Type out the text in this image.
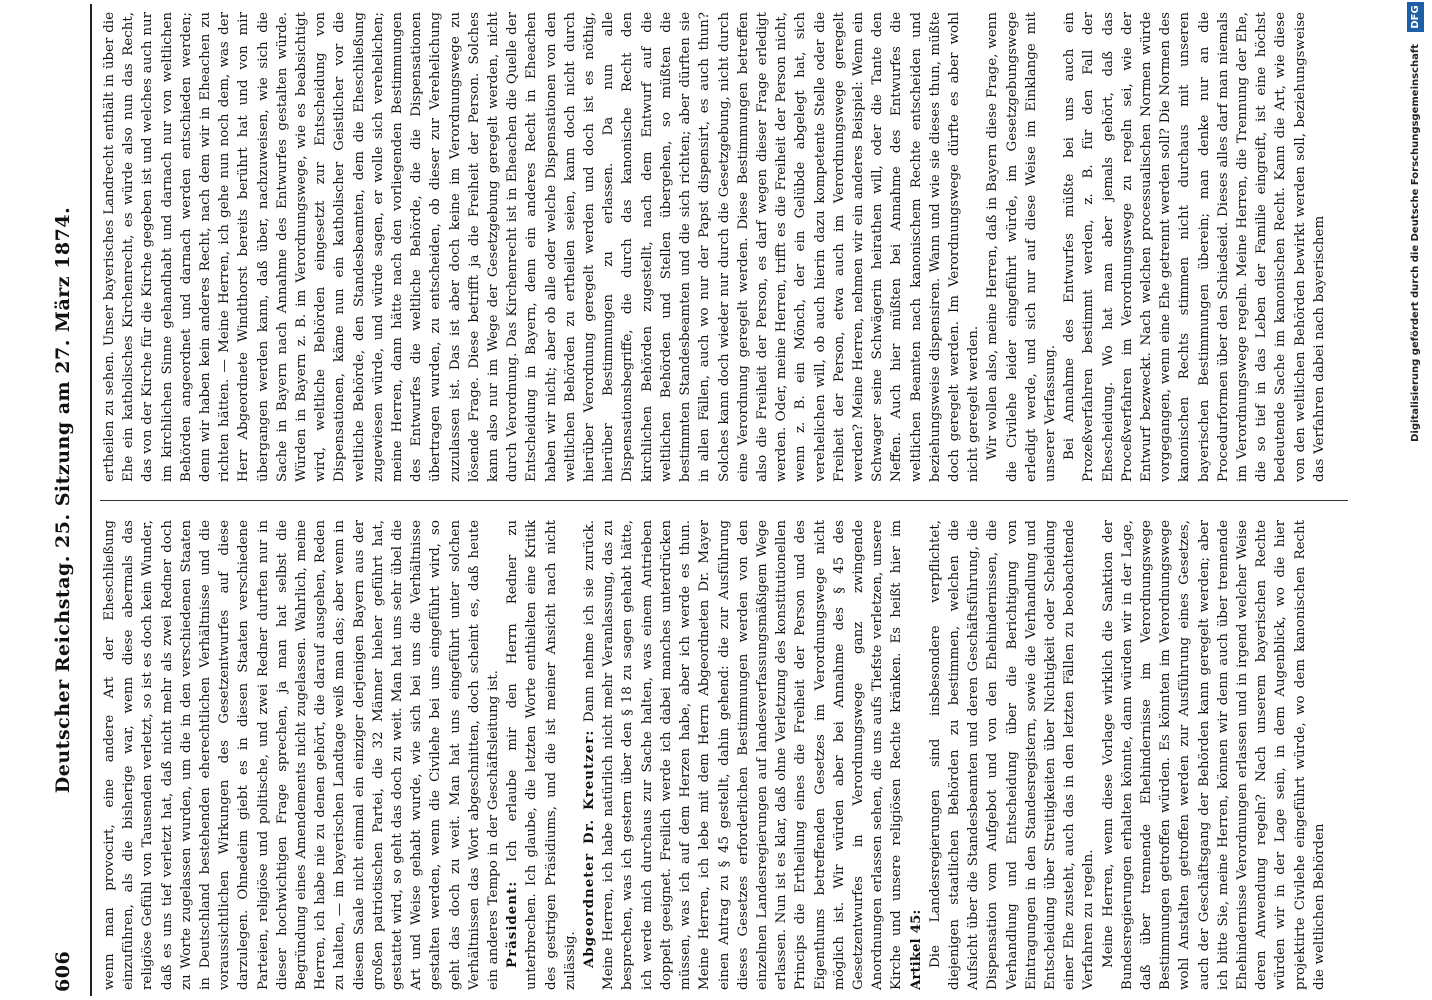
606
Deutscher Reichstag. 25. Sitzung am 27. März 1874. wenn man provocirt, eine andere Art der Eheschließung einzuführen, als die bisherige war, wenn diese abermals das religiöse Gefühl von Tausenden verletzt, so ist es doch kein Wunder, daß es uns tief verletzt hat, daß nicht mehr als zwei Redner doch zu Worte zugelassen wurden, um die in den verschiedenen Staaten in Deutschland bestehenden eherechtlichen Verhältnisse und die voraussichtlichen Wirkungen des Gesetzentwurfes auf diese darzulegen. Ohnedeim giebt es in diesen Staaten verschiedene Parteien, religiöse und politische, und zwei Redner durften nur in dieser hochwichtigen Frage sprechen, ja man hat selbst die Begründung eines Amendements nicht zugelassen. Wahrlich, meine Herren, ich habe nie zu denen gehört, die darauf ausgehen, Reden zu halten, — im bayerischen Landtage weiß man das; aber wenn in diesem Saale nicht einmal ein einziger derjenigen Bayern aus der großen patriotischen Partei, die 32 Männer hieher geführt hat, gestattet wird, so geht das doch zu weit. Man hat uns sehr übel die Art und Weise gehabt wurde, wie sich bei uns die Verhältnisse gestalten werden, wenn die Civilehe bei uns eingeführt wird, so geht das doch zu weit. Man hat uns eingeführt unter solchen Verhältnissen das Wort abgeschnitten, doch scheint es, daß heute ein anderes Tempo in der Geschäftsleitung ist. Präsident: Ich erlaube mir den Herrn Redner zu unterbrechen. Ich glaube, die letzten Worte enthielten eine Kritik des gestrigen Präsidiums, und die ist meiner Ansicht nach nicht zulässig. Abgeordneter Dr. Kreutzer: Dann nehme ich sie zurück. Meine Herren, ich habe natürlich nicht mehr Veranlassung, das zu besprechen, was ich gestern über den § 18 zu sagen gehabt hätte, ich werde mich durchaus zur Sache halten, was einem Antrieben doppelt geeignet. Freilich werde ich dabei manches unterdrücken müssen, was ich auf dem Herzen habe, aber ich werde es thun. Meine Herren, ich lebe mit dem Herrn Abgeordneten Dr. Mayer einen Antrag zu § 45 gestellt, dahin gehend: die zur Ausführung dieses Gesetzes erforderlichen Bestimmungen werden von den einzelnen Landesregierungen auf landesverfassungsmäßigem Wege erlassen. Nun ist es klar, daß ohne Verletzung des konstitutionellen Princips die Ertheilung eines die Freiheit der Person und des Eigenthums betreffenden Gesetzes im Verordnungswege nicht möglich ist. Wir würden aber bei Annahme des § 45 des Gesetzentwurfes in Verordnungswege ganz zwingende Anordnungen erlassen sehen, die uns aufs Tiefste verletzen, unsere Kirche und unsere religiösen Rechte kränken. Es heißt hier im Artikel 45: Die Landesregierungen sind insbesondere verpflichtet, diejenigen staatlichen Behörden zu bestimmen, welchen die Aufsicht über die Standesbeamten und deren Geschäftsführung, die Dispensation vom Aufgebot und von den Ehehindernissen, die Verhandlung und Entscheidung über die Berichtigung von Eintragungen in den Standesregistern, sowie die Verhandlung und Entscheidung über Streitigkeiten über Nichtigkeit oder Scheidung einer Ehe zusteht, auch das in den letzten Fällen zu beobachtende Verfahren zu regeln. Meine Herren, wenn diese Vorlage wirklich die Sanktion der Bundesregierungen erhalten könnte, dann würden wir in der Lage, daß über trennende Ehehindernisse im Verordnungswege Bestimmungen getroffen würden. Es könnten im Verordnungswege wohl Anstalten getroffen werden zur Ausführung eines Gesetzes, auch der Geschäftsgang der Behörden kann geregelt werden; aber ich bitte Sie, meine Herren, können wir denn auch über trennende Ehehindernisse Verordnungen erlassen und in irgend welcher Weise deren Anwendung regeln? Nach unserem bayerischen Rechte würden wir in der Lage sein, in dem Augenblick, wo die hier projektirte Civilehe eingeführt würde, wo dem kanonischen Recht die weltlichen Behörden

ertheilen zu sehen. Unser bayerisches Landrecht enthält in über die Ehe ein katholisches Kirchenrecht, es würde also nun das Recht, das von der Kirche für die Kirche gegeben ist und welches auch nur im kirchlichen Sinne gehandhabt und darnach nur von weltlichen Behörden angeordnet und darnach werden entschieden werden; denn wir haben kein anderes Recht, nach dem wir in Eheachen zu richten hätten. — Meine Herren, ich gehe nun noch dem, was der Herr Abgeordnete Windthorst bereits berührt hat und von mir übergangen werden kann, daß über, nachzuweisen, wie sich die Sache in Bayern nach Annahme des Entwurfes gestalten würde. Würden in Bayern z. B. im Verordnungswege, wie es beabsichtigt wird, weltliche Behörden eingesetzt zur Entscheidung von Dispensationen, käme nun ein katholischer Geistlicher vor die weltliche Behörde, den Standesbeamten, dem die Eheschließung zugewiesen würde, und würde sagen, er wolle sich verehelichen; meine Herren, dann hätte nach den vorliegenden Bestimmungen des Entwurfes die weltliche Behörde, die die Dispensationen übertragen wurden, zu entscheiden, ob dieser zur Verehelichung zuzulassen ist. Das ist aber doch keine im Verordnungswege zu lösende Frage. Diese betrifft ja die Freiheit der Person. Solches kann also nur im Wege der Gesetzgebung geregelt werden, nicht durch Verordnung. Das Kirchenrecht ist in Eheachen die Quelle der Entscheidung in Bayern, denn ein anderes Recht in Eheachen haben wir nicht; aber ob alle oder welche Dispensationen von den weltlichen Behörden zu ertheilen seien, kann doch nicht durch hierüber Verordnung geregelt werden und doch ist es nöthig, hierüber Bestimmungen zu erlassen. Da nun alle Dispensationsbegriffe, die durch das kanonische Recht den kirchlichen Behörden zugestellt, nach dem Entwurf auf die weltlichen Behörden und Stellen übergehen, so müßten die bestimmten Standesbeamten und die sich richten; aber dürften sie in allen Fällen, auch wo nur der Papst dispensirt, es auch thun? Solches kann doch wieder nur durch die Gesetzgebung, nicht durch eine Verordnung geregelt werden. Diese Bestimmungen betreffen also die Freiheit der Person, es darf wegen dieser Frage erledigt werden. Oder, meine Herren, trifft es die Freiheit der Person nicht, wenn z. B. ein Mönch, der ein Gelübde abgelegt hat, sich verehelichen will, ob auch hierin dazu kompetente Stelle oder die Freiheit der Person, etwa auch im Verordnungswege geregelt werden? Meine Herren, nehmen wir ein anderes Beispiel: Wenn ein Schwager seine Schwägerin heirathen will, oder die Tante den Neffen. Auch hier müßten bei Annahme des Entwurfes die weltlichen Beamten nach kanonischem Rechte entscheiden und beziehungsweise dispensiren. Wann und wie sie dieses thun, müßte doch geregelt werden. Im Verordnungswege dürfte es aber wohl nicht geregelt werden. Wir wollen also, meine Herren, daß in Bayern diese Frage, wenn die Civilehe leider eingeführt würde, im Gesetzgebungswege erledigt werde, und sich nur auf diese Weise im Einklange mit unserer Verfassung. Bei Annahme des Entwurfes müßte bei uns auch ein Prozeßverfahren bestimmt werden, z. B. für den Fall der Ehescheidung. Wo hat man aber jemals gehört, daß das Proceßverfahren im Verordnungswege zu regeln sei, wie der Entwurf bezweckt. Nach welchen processualischen Normen würde vorgegangen, wenn eine Ehe getrennt werden soll? Die Normen des kanonischen Rechts stimmen nicht durchaus mit unseren bayerischen Bestimmungen überein; man denke nur an die Procedurformen über den Schiedseid. Dieses alles darf man niemals im Verordnungswege regeln. Meine Herren, die Trennung der Ehe, die so tief in das Leben der Familie eingreift, ist eine höchst bedeutende Sache im kanonischen Recht. Kann die Art, wie diese von den weltlichen Behörden bewirkt werden soll, beziehungsweise das Verfahren dabei nach bayerischem	Digitalisierung gefördert durch die Deutsche Forschungsgemeinschaft
DFG
